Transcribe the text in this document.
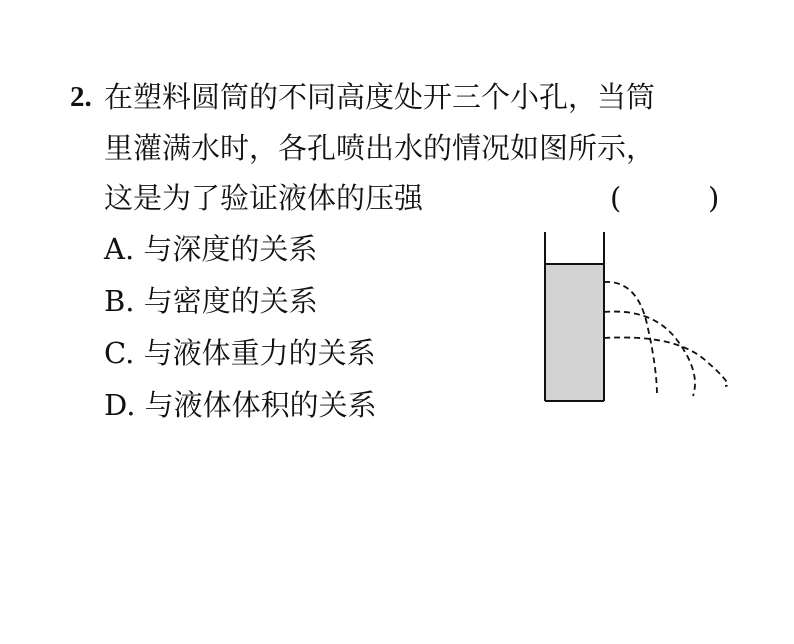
2. 在塑料圆筒的不同高度处开三个小孔，当筒
里灌满水时，各孔喷出水的情况如图所示，
这是为了验证液体的压强	(	)
A. 与深度的关系
B. 与密度的关系
C. 与液体重力的关系
D. 与液体体积的关系
